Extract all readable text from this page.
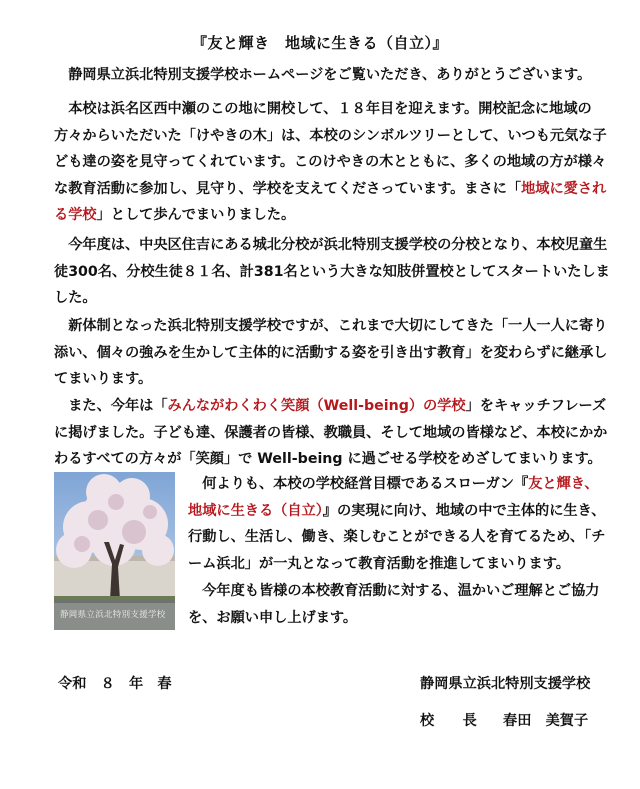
『友と輝き　地域に生きる（自立）』

静岡県立浜北特別支援学校ホームページをご覧いただき、ありがとうございます。

本校は浜名区西中瀬のこの地に開校して、１８年目を迎えます。開校記念に地域の方々からいただいた「けやきの木」は、本校のシンボルツリーとして、いつも元気な子ども達の姿を見守ってくれています。このけやきの木とともに、多くの地域の方が様々な教育活動に参加し、見守り、学校を支えてくださっています。まさに「地域に愛される学校」として歩んでまいりました。

今年度は、中央区住吉にある城北分校が浜北特別支援学校の分校となり、本校児童生徒300名、分校生徒８１名、計381名という大きな知肢併置校としてスタートいたしました。

新体制となった浜北特別支援学校ですが、これまで大切にしてきた「一人一人に寄り添い、個々の強みを生かして主体的に活動する姿を引き出す教育」を変わらずに継承してまいります。

また、今年は「みんながわくわく笑顔（Well-being）の学校」をキャッチフレーズに掲げました。子ども達、保護者の皆様、教職員、そして地域の皆様など、本校にかかわるすべての方々が「笑顔」で Well-being に過ごせる学校をめざしてまいります。

静岡県立浜北特別支援学校

何よりも、本校の学校経営目標であるスローガン『友と輝き、地域に生きる（自立）』の実現に向け、地域の中で主体的に生き、行動し、生活し、働き、楽しむことができる人を育てるため、「チーム浜北」が一丸となって教育活動を推進してまいります。

今年度も皆様の本校教育活動に対する、温かいご理解とご協力を、お願い申し上げます。

令和　８　年　春	静岡県立浜北特別支援学校
校　　長 春田　美賀子
